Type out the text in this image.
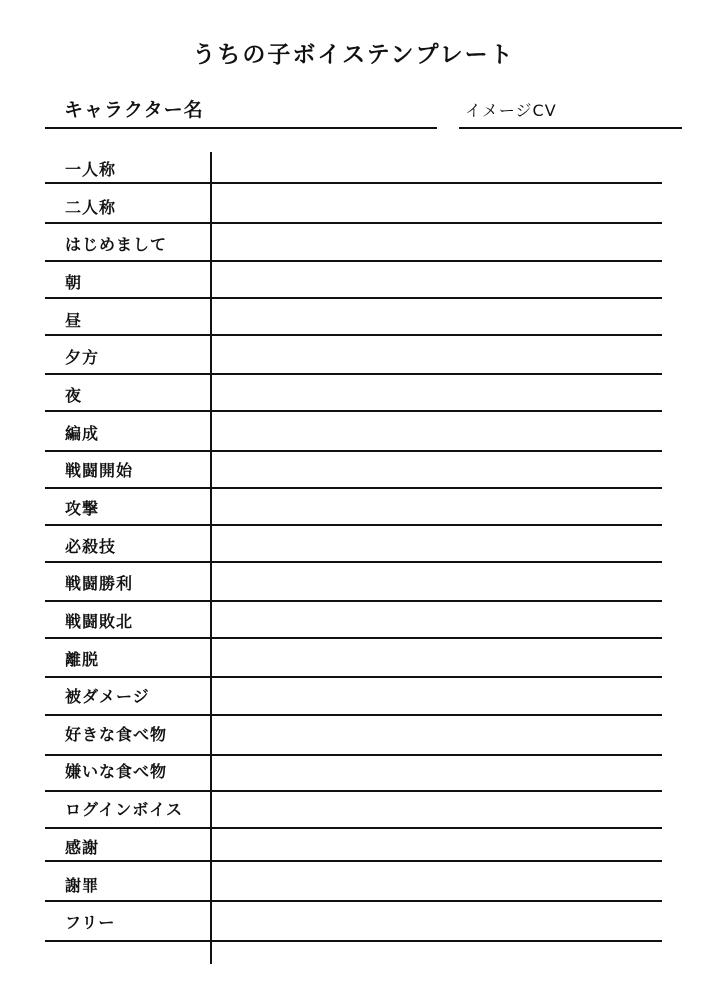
うちの子ボイステンプレート
キャラクター名	イメージCV
一人称
二人称
はじめまして
朝
昼
夕方
夜
編成
戦闘開始
攻撃
必殺技
戦闘勝利
戦闘敗北
離脱
被ダメージ
好きな食べ物
嫌いな食べ物
ログインボイス
感謝
謝罪
フリー
